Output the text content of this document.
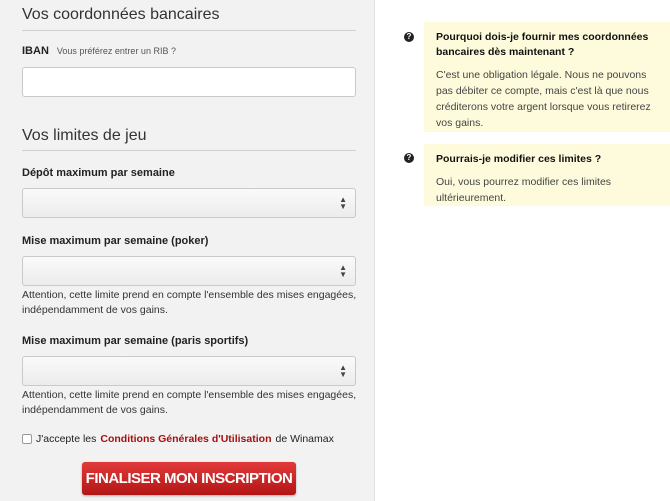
Vos coordonnées bancaires
IBAN Vous préférez entrer un RIB ?
Vos limites de jeu
Dépôt maximum par semaine
▲
▼
Mise maximum par semaine (poker)
▲
▼
Attention, cette limite prend en compte l'ensemble des mises engagées, indépendamment de vos gains.
Mise maximum par semaine (paris sportifs)
▲
▼
Attention, cette limite prend en compte l'ensemble des mises engagées, indépendamment de vos gains.
J'accepte les Conditions Générales d'Utilisation de Winamax
FINALISER MON INSCRIPTION
? Pourquoi dois-je fournir mes coordonnées bancaires dès maintenant ?
C'est une obligation légale. Nous ne pouvons pas débiter ce compte, mais c'est là que nous créditerons votre argent lorsque vous retirerez vos gains.
? Pourrais-je modifier ces limites ?
Oui, vous pourrez modifier ces limites ultérieurement.
